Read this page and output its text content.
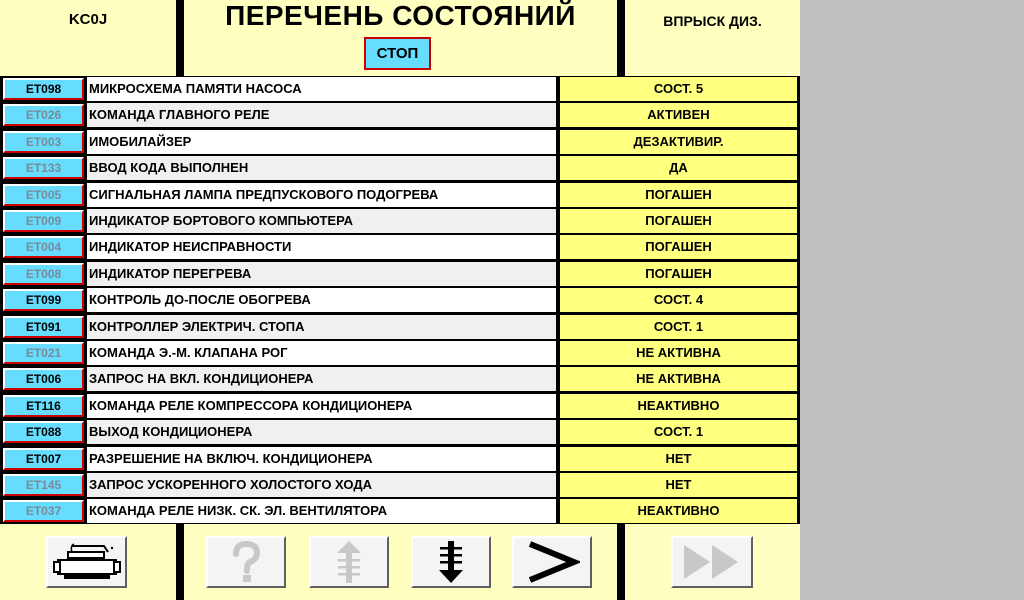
KC0J	ПЕРЕЧЕНЬ СОСТОЯНИЙ
СТОП
ВПРЫСК ДИЗ.
ET098	МИКРОСХЕМА ПАМЯТИ НАСОСА	СОСТ. 5
ET026	КОМАНДА ГЛАВНОГО РЕЛЕ	АКТИВЕН
ET003	ИМОБИЛАЙЗЕР	ДЕЗАКТИВИР.
ET133	ВВОД КОДА ВЫПОЛНЕН	ДА
ET005	СИГНАЛЬНАЯ ЛАМПА ПРЕДПУСКОВОГО ПОДОГРЕВА	ПОГАШЕН
ET009	ИНДИКАТОР БОРТОВОГО КОМПЬЮТЕРА	ПОГАШЕН
ET004	ИНДИКАТОР НЕИСПРАВНОСТИ	ПОГАШЕН
ET008	ИНДИКАТОР ПЕРЕГРЕВА	ПОГАШЕН
ET099	КОНТРОЛЬ ДО-ПОСЛЕ ОБОГРЕВА	СОСТ. 4
ET091	КОНТРОЛЛЕР ЭЛЕКТРИЧ. СТОПА	СОСТ. 1
ET021	КОМАНДА Э.-М. КЛАПАНА РОГ	НЕ АКТИВНА
ET006	ЗАПРОС НА ВКЛ. КОНДИЦИОНЕРА	НЕ АКТИВНА
ET116	КОМАНДА РЕЛЕ КОМПРЕССОРА КОНДИЦИОНЕРА	НЕАКТИВНО
ET088	ВЫХОД КОНДИЦИОНЕРА	СОСТ. 1
ET007	РАЗРЕШЕНИЕ НА ВКЛЮЧ. КОНДИЦИОНЕРА	НЕТ
ET145	ЗАПРОС УСКОРЕННОГО ХОЛОСТОГО ХОДА	НЕТ
ET037	КОМАНДА РЕЛЕ НИЗК. СК. ЭЛ. ВЕНТИЛЯТОРА	НЕАКТИВНО
